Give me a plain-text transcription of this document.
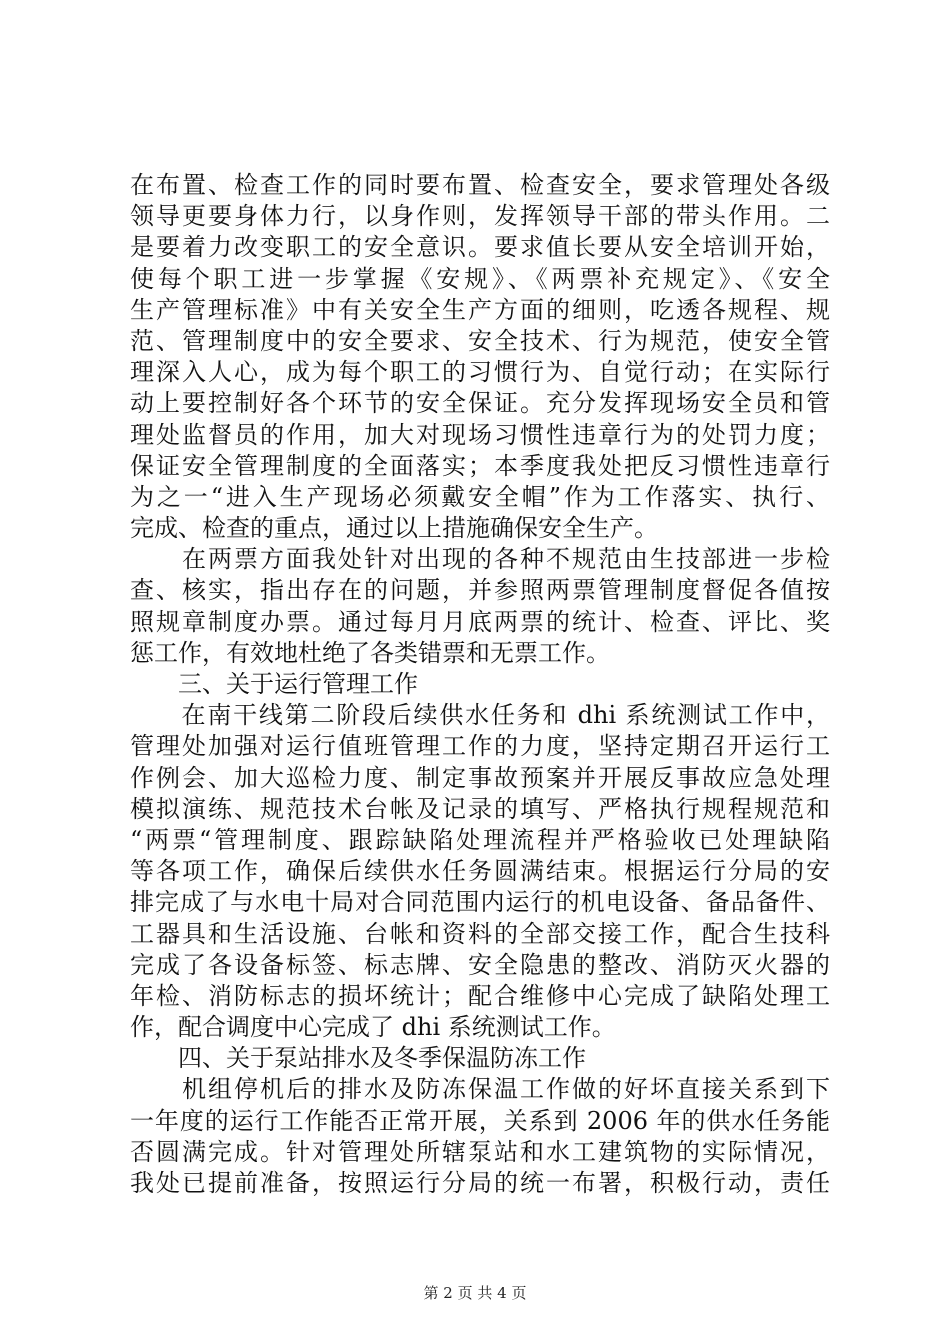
在布置、检查工作的同时要布置、检查安全，要求管理处各级
领导更要身体力行，以身作则，发挥领导干部的带头作用。二
是要着力改变职工的安全意识。要求值长要从安全培训开始，
使每个职工进一步掌握《安规》、《两票补充规定》、《安全
生产管理标准》中有关安全生产方面的细则，吃透各规程、规
范、管理制度中的安全要求、安全技术、行为规范，使安全管
理深入人心，成为每个职工的习惯行为、自觉行动；在实际行
动上要控制好各个环节的安全保证。充分发挥现场安全员和管
理处监督员的作用，加大对现场习惯性违章行为的处罚力度；
保证安全管理制度的全面落实；本季度我处把反习惯性违章行
为之一“进入生产现场必须戴安全帽”作为工作落实、执行、
完成、检查的重点，通过以上措施确保安全生产。
　　在两票方面我处针对出现的各种不规范由生技部进一步检
查、核实，指出存在的问题，并参照两票管理制度督促各值按
照规章制度办票。通过每月月底两票的统计、检查、评比、奖
惩工作，有效地杜绝了各类错票和无票工作。
　　三、关于运行管理工作
　　在南干线第二阶段后续供水任务和 dhi 系统测试工作中，
管理处加强对运行值班管理工作的力度，坚持定期召开运行工
作例会、加大巡检力度、制定事故预案并开展反事故应急处理
模拟演练、规范技术台帐及记录的填写、严格执行规程规范和
“两票“管理制度、跟踪缺陷处理流程并严格验收已处理缺陷
等各项工作，确保后续供水任务圆满结束。根据运行分局的安
排完成了与水电十局对合同范围内运行的机电设备、备品备件、
工器具和生活设施、台帐和资料的全部交接工作，配合生技科
完成了各设备标签、标志牌、安全隐患的整改、消防灭火器的
年检、消防标志的损坏统计；配合维修中心完成了缺陷处理工
作，配合调度中心完成了 dhi 系统测试工作。
　　四、关于泵站排水及冬季保温防冻工作
　　机组停机后的排水及防冻保温工作做的好坏直接关系到下
一年度的运行工作能否正常开展，关系到 2006 年的供水任务能
否圆满完成。针对管理处所辖泵站和水工建筑物的实际情况，
我处已提前准备，按照运行分局的统一布署，积极行动，责任
第 2 页 共 4 页
